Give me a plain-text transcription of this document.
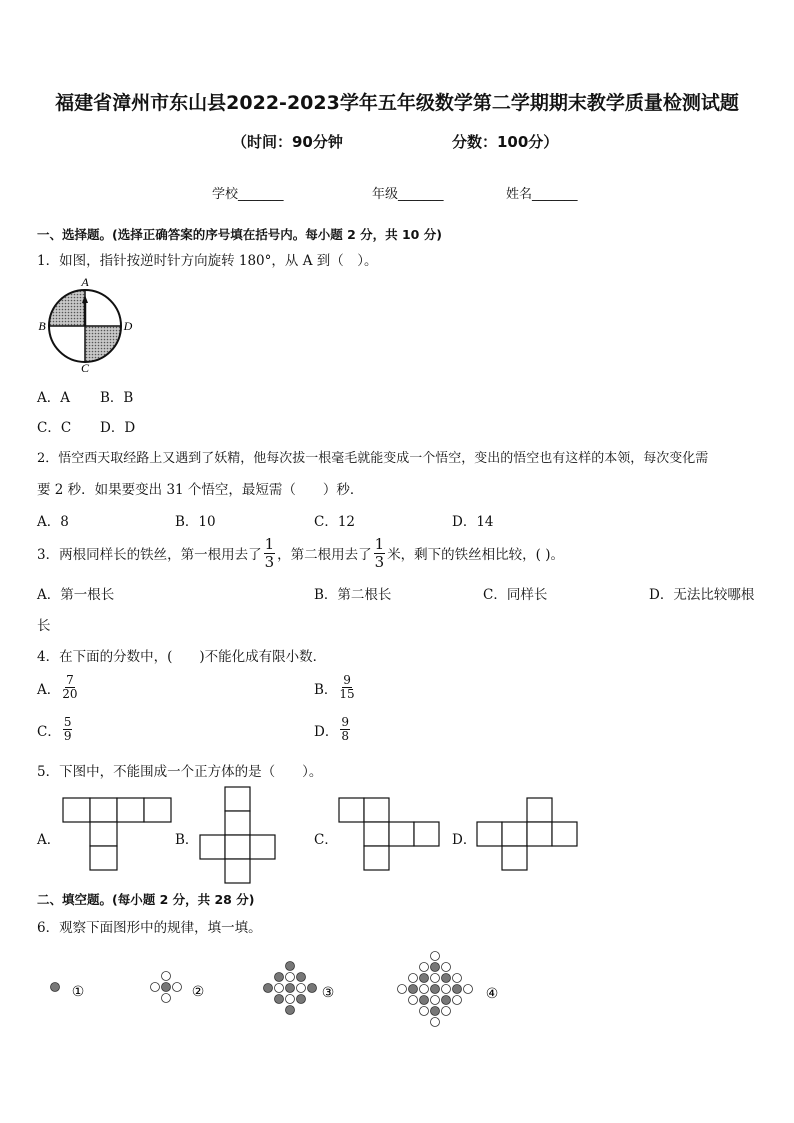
福建省漳州市东山县2022-2023学年五年级数学第二学期期末教学质量检测试题
（时间：90分钟	分数：100分）
学校_______	年级_______	姓名_______
一、选择题。(选择正确答案的序号填在括号内。每小题 2 分，共 10 分)
1．如图，指针按逆时针方向旋转 180°，从 A 到（　）。
A
B
C
D
A．A B．B
C．C D．D
2．悟空西天取经路上又遇到了妖精，他每次拔一根毫毛就能变成一个悟空，变出的悟空也有这样的本领，每次变化需
要 2 秒．如果要变出 31 个悟空，最短需（　　）秒．
A．8	B．10	C．12	D．14
3．两根同样长的铁丝，第一根用去了 $\frac{1}{3}$ ，第二根用去了 $\frac{1}{3}$ 米，剩下的铁丝相比较，( )。
A．第一根长	B．第二根长	C．同样长	D．无法比较哪根
长
4．在下面的分数中，(　　)不能化成有限小数．
A． $\frac{7}{20}$	B． $\frac{9}{15}$
C． $\frac{5}{9}$	D． $\frac{9}{8}$
5．下图中，不能围成一个正方体的是（　　）。
A．	B．	C．	D．
二、填空题。(每小题 2 分，共 28 分)
6．观察下面图形中的规律，填一填。
①	②	③	④
